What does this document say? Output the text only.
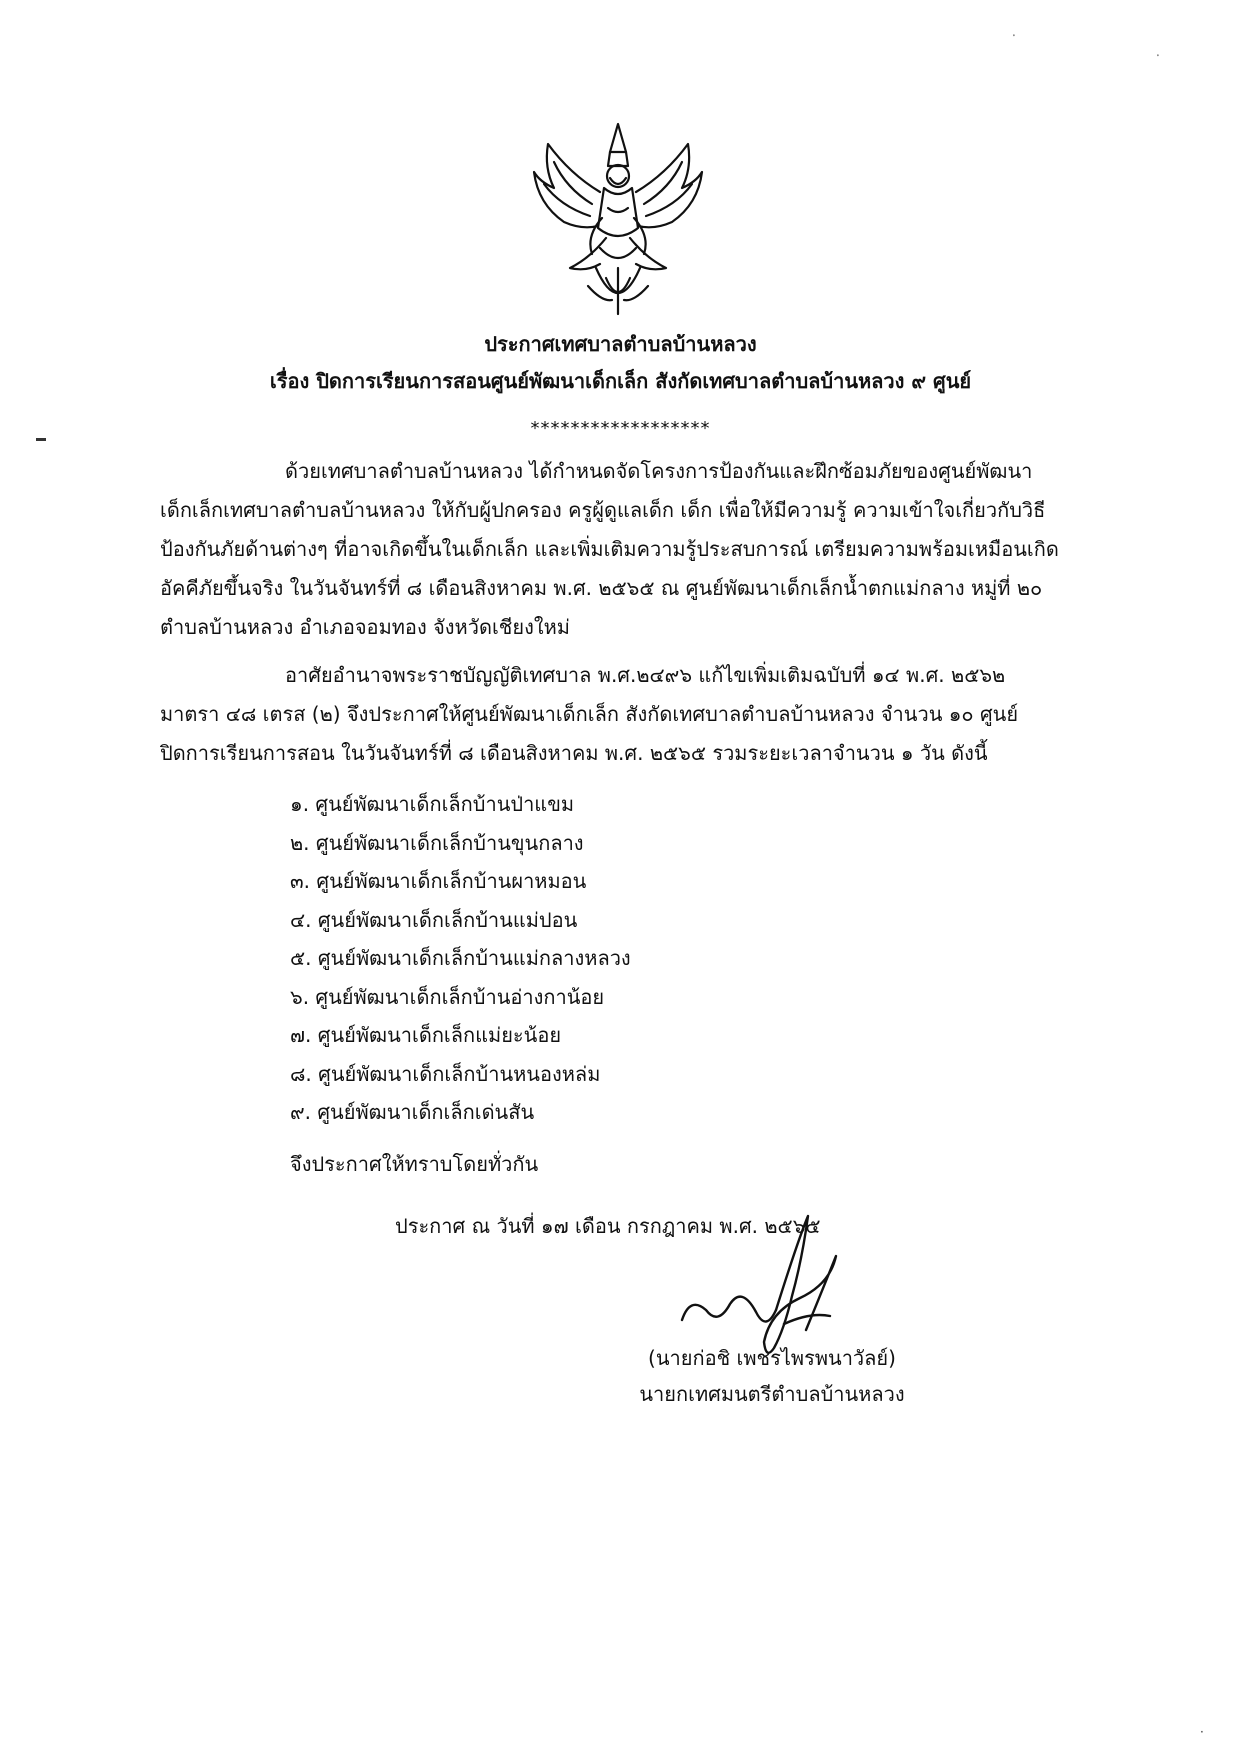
ประกาศเทศบาลตำบลบ้านหลวง
เรื่อง ปิดการเรียนการสอนศูนย์พัฒนาเด็กเล็ก สังกัดเทศบาลตำบลบ้านหลวง ๙ ศูนย์
******************
ด้วยเทศบาลตำบลบ้านหลวง ได้กำหนดจัดโครงการป้องกันและฝึกซ้อมภัยของศูนย์พัฒนา
เด็กเล็กเทศบาลตำบลบ้านหลวง ให้กับผู้ปกครอง ครูผู้ดูแลเด็ก เด็ก เพื่อให้มีความรู้ ความเข้าใจเกี่ยวกับวิธี
ป้องกันภัยด้านต่างๆ ที่อาจเกิดขึ้นในเด็กเล็ก และเพิ่มเติมความรู้ประสบการณ์ เตรียมความพร้อมเหมือนเกิด
อัคคีภัยขึ้นจริง ในวันจันทร์ที่ ๘ เดือนสิงหาคม พ.ศ. ๒๕๖๕ ณ ศูนย์พัฒนาเด็กเล็กน้ำตกแม่กลาง หมู่ที่ ๒๐
ตำบลบ้านหลวง อำเภอจอมทอง จังหวัดเชียงใหม่
อาศัยอำนาจพระราชบัญญัติเทศบาล พ.ศ.๒๔๙๖ แก้ไขเพิ่มเติมฉบับที่ ๑๔ พ.ศ. ๒๕๖๒
มาตรา ๔๘ เตรส (๒) จึงประกาศให้ศูนย์พัฒนาเด็กเล็ก สังกัดเทศบาลตำบลบ้านหลวง จำนวน ๑๐ ศูนย์
ปิดการเรียนการสอน ในวันจันทร์ที่ ๘ เดือนสิงหาคม พ.ศ. ๒๕๖๕ รวมระยะเวลาจำนวน ๑ วัน ดังนี้
๑. ศูนย์พัฒนาเด็กเล็กบ้านป่าแขม
๒. ศูนย์พัฒนาเด็กเล็กบ้านขุนกลาง
๓. ศูนย์พัฒนาเด็กเล็กบ้านผาหมอน
๔. ศูนย์พัฒนาเด็กเล็กบ้านแม่ปอน
๕. ศูนย์พัฒนาเด็กเล็กบ้านแม่กลางหลวง
๖. ศูนย์พัฒนาเด็กเล็กบ้านอ่างกาน้อย
๗. ศูนย์พัฒนาเด็กเล็กแม่ยะน้อย
๘. ศูนย์พัฒนาเด็กเล็กบ้านหนองหล่ม
๙. ศูนย์พัฒนาเด็กเล็กเด่นสัน
จึงประกาศให้ทราบโดยทั่วกัน
ประกาศ ณ วันที่ ๑๗ เดือน กรกฎาคม พ.ศ. ๒๕๖๕
(นายก่อชิ เพชรไพรพนาวัลย์)
นายกเทศมนตรีตำบลบ้านหลวง
⸱
⸱
·
